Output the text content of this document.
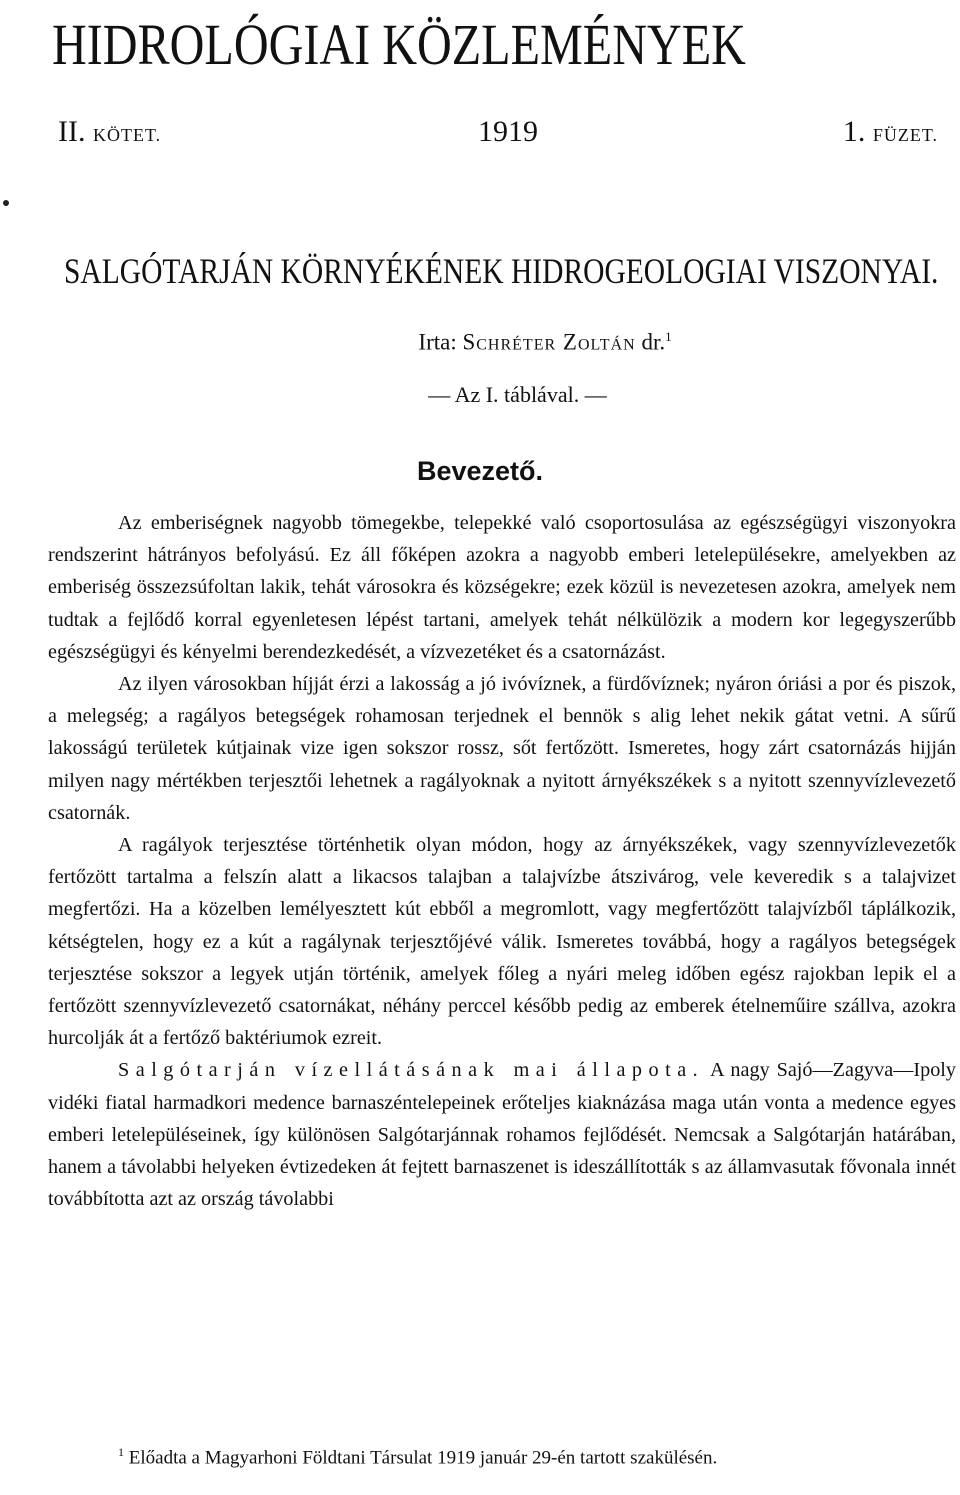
HIDROLÓGIAI KÖZLEMÉNYEK
II. KÖTET.	1919	1. FÜZET.
SALGÓTARJÁN KÖRNYÉKÉNEK HIDROGEOLOGIAI VISZONYAI.
Irta: Schréter Zoltán dr.$^1$
— Az I. táblával. —
Bevezető.

Az emberiségnek nagyobb tömegekbe, telepekké való csoportosulása az egészségügyi viszonyokra rendszerint hátrányos befolyású. Ez áll főképen azokra a nagyobb emberi letelepülésekre, amelyekben az emberiség összezsúfoltan lakik, tehát városokra és községekre; ezek közül is nevezetesen azokra, amelyek nem tudtak a fejlődő korral egyenletesen lépést tartani, amelyek tehát nélkülözik a modern kor legegyszerűbb egészségügyi és kényelmi berendezkedését, a vízvezetéket és a csatornázást.

Az ilyen városokban híjját érzi a lakosság a jó ivóvíznek, a fürdővíznek; nyáron óriási a por és piszok, a melegség; a ragályos betegségek rohamosan terjednek el bennök s alig lehet nekik gátat vetni. A sűrű lakosságú területek kútjainak vize igen sokszor rossz, sőt fertőzött. Ismeretes, hogy zárt csatornázás hijján milyen nagy mértékben terjesztői lehetnek a ragályoknak a nyitott árnyékszékek s a nyitott szennyvízlevezető csatornák.

A ragályok terjesztése történhetik olyan módon, hogy az árnyékszékek, vagy szennyvízlevezetők fertőzött tartalma a felszín alatt a likacsos talajban a talajvízbe átszivárog, vele keveredik s a talajvizet megfertőzi. Ha a közelben lemélyesztett kút ebből a megromlott, vagy megfertőzött talajvízből táplálkozik, kétségtelen, hogy ez a kút a ragálynak terjesztőjévé válik. Ismeretes továbbá, hogy a ragályos betegségek terjesztése sokszor a legyek utján történik, amelyek főleg a nyári meleg időben egész rajokban lepik el a fertőzött szennyvízlevezető csatornákat, néhány perccel később pedig az emberek ételneműire szállva, azokra hurcolják át a fertőző baktériumok ezreit.

Salgótarján vízellátásának mai állapota. A nagy Sajó—Zagyva—Ipoly vidéki fiatal harmadkori medence barnaszéntelepeinek erőteljes kiaknázása maga után vonta a medence egyes emberi letelepüléseinek, így különösen Salgótarjánnak rohamos fejlődését. Nemcsak a Salgótarján határában, hanem a távolabbi helyeken évtizedeken át fejtett barnaszenet is ideszállították s az államvasutak fővonala innét továbbította azt az ország távolabbi

$^1$ Előadta a Magyarhoni Földtani Társulat 1919 január 29-én tartott szakülésén.
